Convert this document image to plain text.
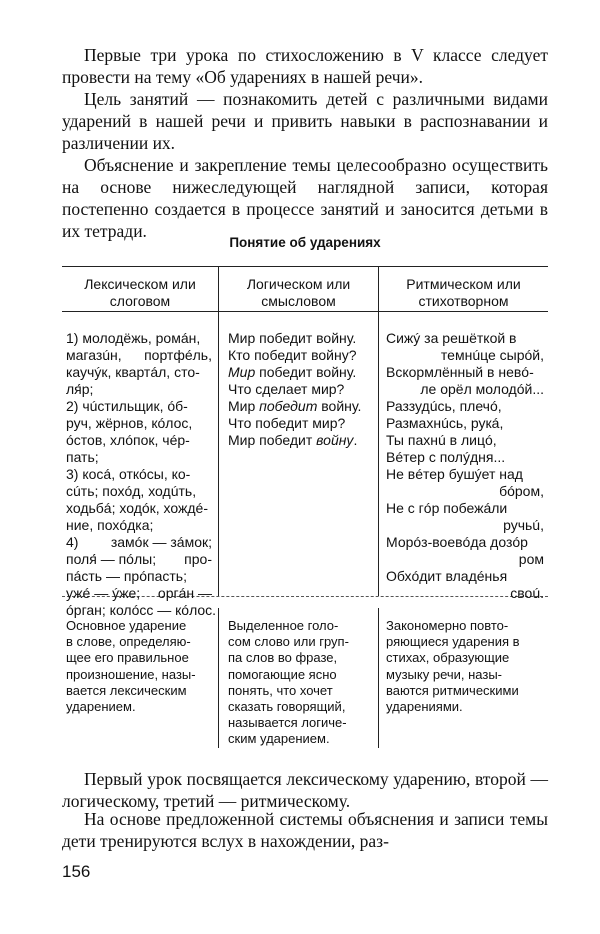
Первые три урока по стихосложению в V классе следует провести на тему «Об ударениях в нашей речи».

Цель занятий — познакомить детей с различными видами ударений в нашей речи и привить навыки в распознавании и различении их.

Объяснение и закрепление темы целесообразно осуществить на основе нижеследующей наглядной записи, которая постепенно создается в процессе занятий и заносится детьми в их тетради.

Понятие об ударениях
Лексическом или
слоговом
Логическом или
смысловом
Ритмическом или
стихотворном
1) молодёжь, ромáн,
магазúн, портфéль,
каучýк, квартáл, сто-
ля́р;
2) чúстильщик, óб-
руч, жёрнов, кóлос,
óстов, хлóпок, чéр-
пать;
3) косá, откóсы, ко-
сúть; похóд, ходúть,
ходьбá; ходóк, хождé-
ние, похóдка;
4) замóк — зáмок;
поля́ — пóлы; про-
пáсть — прóпасть;
ужé — ýже; оргáн —
óрган; колóсс — кóлос.
Мир победит войну.
Кто победит войну?
Мир победит войну.
Что сделает мир?
Мир победит войну.
Что победит мир?
Мир победит войну.
Сижý за решёткой в
темнúце сырóй,
Вскормлённый в невó-
ле орёл молодóй...
Раззудúсь, плечó,
Размахнúсь, рукá,
Ты пахнú в лицó,
Вéтер с полýдня...
Не вéтер бушýет над
бóром,
Не с гóр побежáли
ручьú,
Морóз-воевóда дозóр
ром
Обхóдит владéнья
своú.
Основное ударение
в слове, определяю-
щее его правильное
произношение, назы-
вается лексическим
ударением.
Выделенное голо-
сом слово или груп-
па слов во фразе,
помогающие ясно
понять, что хочет
сказать говорящий,
называется логиче-
ским ударением.
Закономерно повто-
ряющиеся ударения в
стихах, образующие
музыку речи, назы-
ваются ритмическими
ударениями.

Первый урок посвящается лексическому ударению, второй — логическому, третий — ритмическому.

На основе предложенной системы объяснения и записи темы дети тренируются вслух в нахождении, раз-

156
